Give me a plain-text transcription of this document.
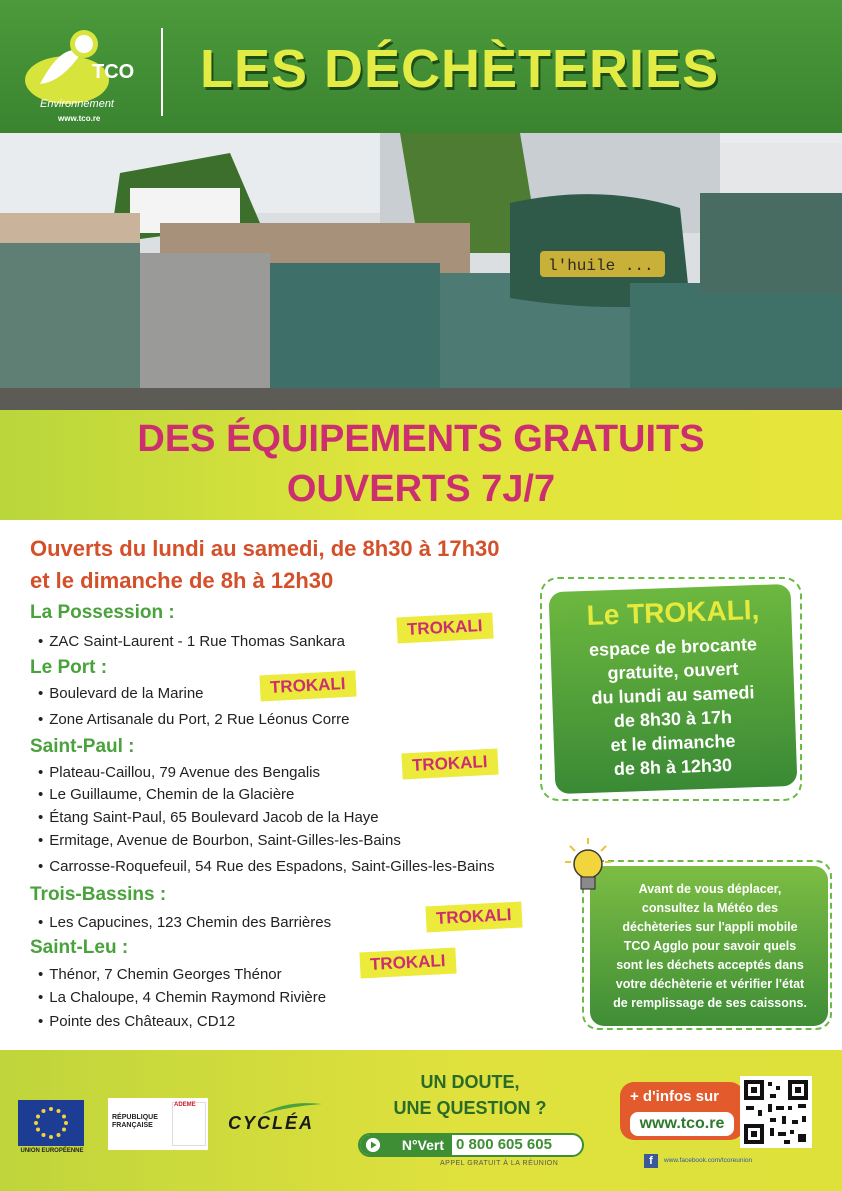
TCO
Environnement
www.tco.re
LES DÉCHÈTERIES
l'huile ...
DES ÉQUIPEMENTS GRATUITS
OUVERTS 7J/7
Ouverts du lundi au samedi, de 8h30 à 17h30
et le dimanche de 8h à 12h30
La Possession :
• ZAC Saint-Laurent - 1 Rue Thomas Sankara
Le Port :
• Boulevard de la Marine
• Zone Artisanale du Port, 2 Rue Léonus Corre
Saint-Paul :
• Plateau-Caillou, 79 Avenue des Bengalis
• Le Guillaume, Chemin de la Glacière
• Étang Saint-Paul, 65 Boulevard Jacob de la Haye
• Ermitage, Avenue de Bourbon, Saint-Gilles-les-Bains
• Carrosse-Roquefeuil, 54 Rue des Espadons, Saint-Gilles-les-Bains
Trois-Bassins :
• Les Capucines, 123 Chemin des Barrières
Saint-Leu :
• Thénor, 7 Chemin Georges Thénor
• La Chaloupe, 4 Chemin Raymond Rivière
• Pointe des Châteaux, CD12
TROKALI
TROKALI
TROKALI
TROKALI
TROKALI
Le TROKALI,
espace de brocante
gratuite, ouvert
du lundi au samedi
de 8h30 à 17h
et le dimanche
de 8h à 12h30
Avant de vous déplacer,
consultez la Météo des
déchèteries sur l'appli mobile
TCO Agglo pour savoir quels
sont les déchets acceptés dans
votre déchèterie et vérifier l'état
de remplissage de ses caissons.
UNION EUROPÉENNE
RÉPUBLIQUE
FRANÇAISE
ADEME
CYCLÉA
UN DOUTE,
UNE QUESTION ?
N°Vert 0 800 605 605
APPEL GRATUIT À LA RÉUNION
+ d'infos sur
www.tco.re
f	www.facebook.com/tcoreunion
